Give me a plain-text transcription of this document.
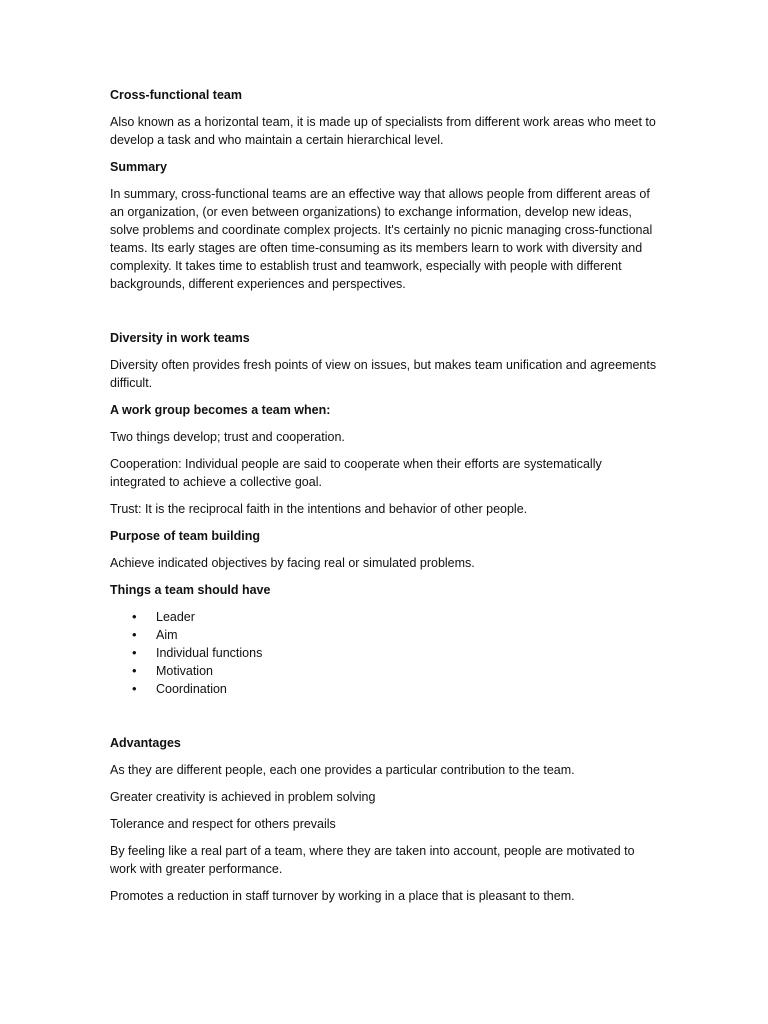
Cross-functional team

Also known as a horizontal team, it is made up of specialists from different work areas who meet to develop a task and who maintain a certain hierarchical level.

Summary

In summary, cross-functional teams are an effective way that allows people from different areas of an organization, (or even between organizations) to exchange information, develop new ideas, solve problems and coordinate complex projects. It's certainly no picnic managing cross-functional teams. Its early stages are often time-consuming as its members learn to work with diversity and complexity. It takes time to establish trust and teamwork, especially with people with different backgrounds, different experiences and perspectives.

Diversity in work teams

Diversity often provides fresh points of view on issues, but makes team unification and agreements difficult.

A work group becomes a team when:

Two things develop; trust and cooperation.

Cooperation: Individual people are said to cooperate when their efforts are systematically integrated to achieve a collective goal.

Trust: It is the reciprocal faith in the intentions and behavior of other people.

Purpose of team building

Achieve indicated objectives by facing real or simulated problems.

Things a team should have
• Leader
• Aim
• Individual functions
• Motivation
• Coordination
Advantages

As they are different people, each one provides a particular contribution to the team.

Greater creativity is achieved in problem solving

Tolerance and respect for others prevails

By feeling like a real part of a team, where they are taken into account, people are motivated to work with greater performance.

Promotes a reduction in staff turnover by working in a place that is pleasant to them.
